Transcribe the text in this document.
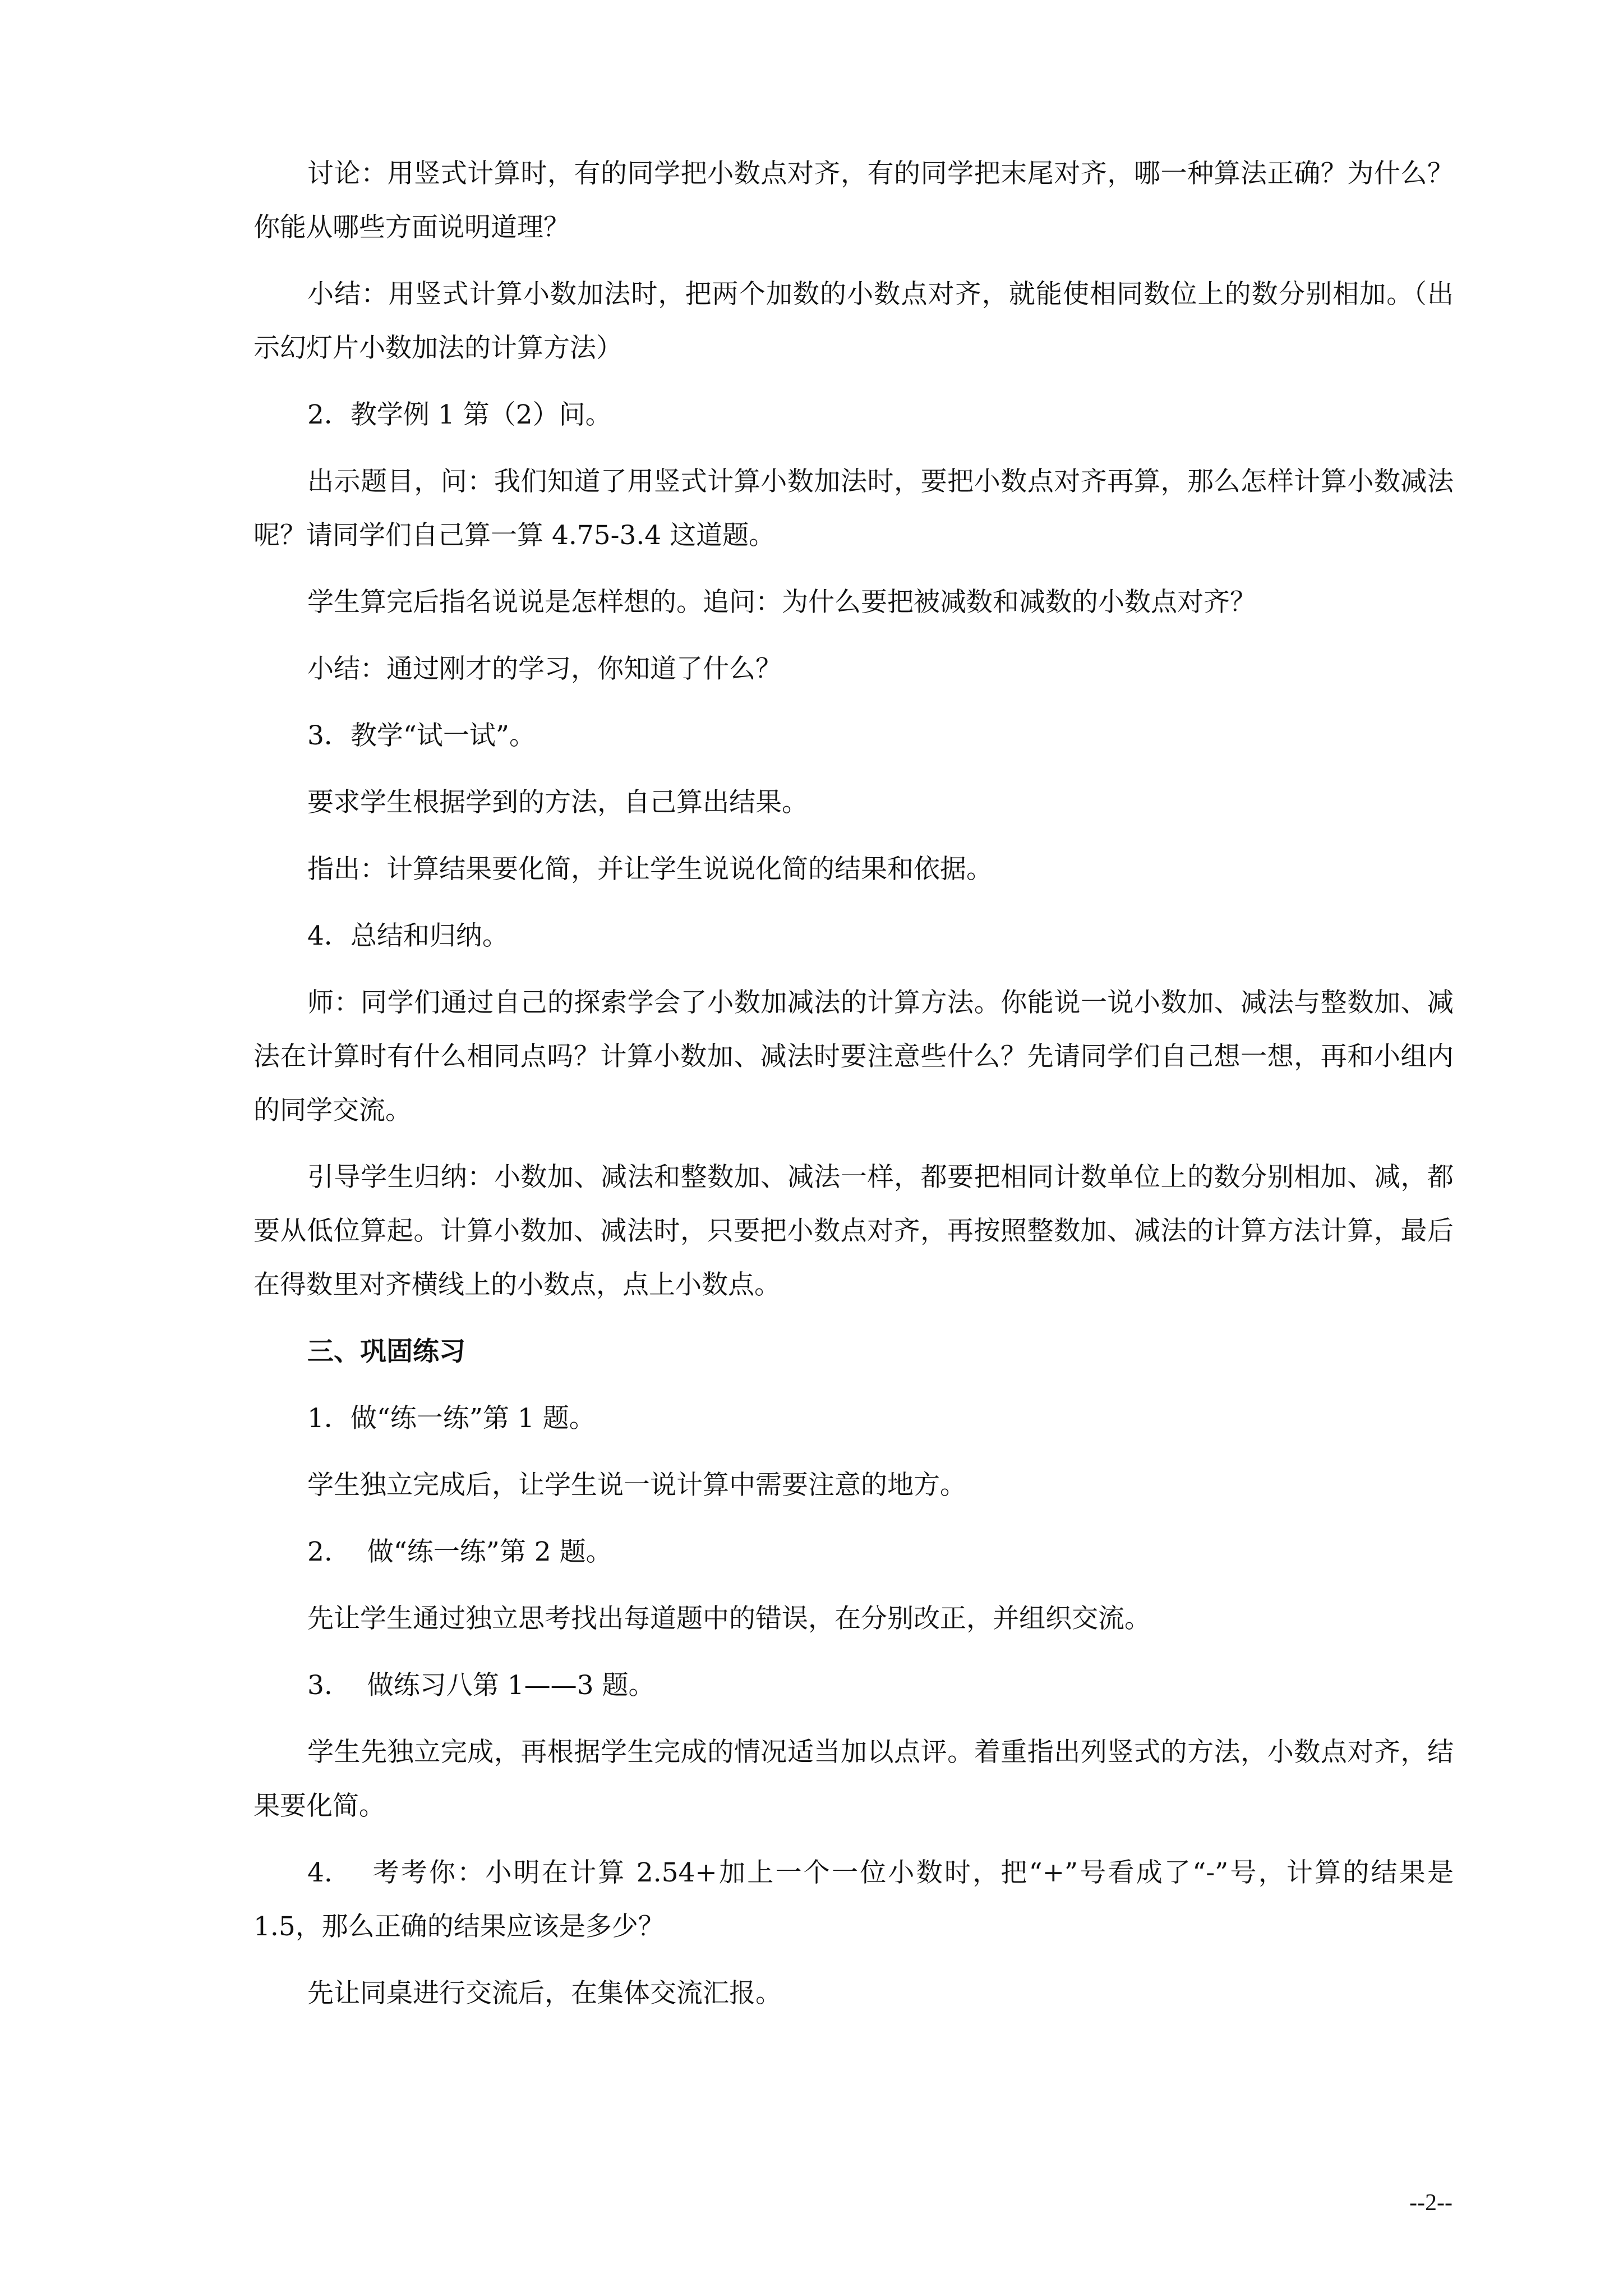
讨论：用竖式计算时，有的同学把小数点对齐，有的同学把末尾对齐，哪一种算法正确？为什么？你能从哪些方面说明道理？

小结：用竖式计算小数加法时，把两个加数的小数点对齐，就能使相同数位上的数分别相加。（出示幻灯片小数加法的计算方法）

2．教学例 1 第（2）问。

出示题目，问：我们知道了用竖式计算小数加法时，要把小数点对齐再算，那么怎样计算小数减法呢？请同学们自己算一算 4.75-3.4 这道题。

学生算完后指名说说是怎样想的。追问：为什么要把被减数和减数的小数点对齐？

小结：通过刚才的学习，你知道了什么？

3．教学“试一试”。

要求学生根据学到的方法，自己算出结果。

指出：计算结果要化简，并让学生说说化简的结果和依据。

4．总结和归纳。

师：同学们通过自己的探索学会了小数加减法的计算方法。你能说一说小数加、减法与整数加、减法在计算时有什么相同点吗？计算小数加、减法时要注意些什么？先请同学们自己想一想，再和小组内的同学交流。

引导学生归纳：小数加、减法和整数加、减法一样，都要把相同计数单位上的数分别相加、减，都要从低位算起。计算小数加、减法时，只要把小数点对齐，再按照整数加、减法的计算方法计算，最后在得数里对齐横线上的小数点，点上小数点。

三、巩固练习

1．做“练一练”第 1 题。

学生独立完成后，让学生说一说计算中需要注意的地方。

2.　 做“练一练”第 2 题。

先让学生通过独立思考找出每道题中的错误，在分别改正，并组织交流。

3.　 做练习八第 1——3 题。

学生先独立完成，再根据学生完成的情况适当加以点评。着重指出列竖式的方法，小数点对齐，结果要化简。

4.　 考考你：小明在计算 2.54+加上一个一位小数时，把“+”号看成了“-”号，计算的结果是 1.5，那么正确的结果应该是多少？

先让同桌进行交流后，在集体交流汇报。

--2--
